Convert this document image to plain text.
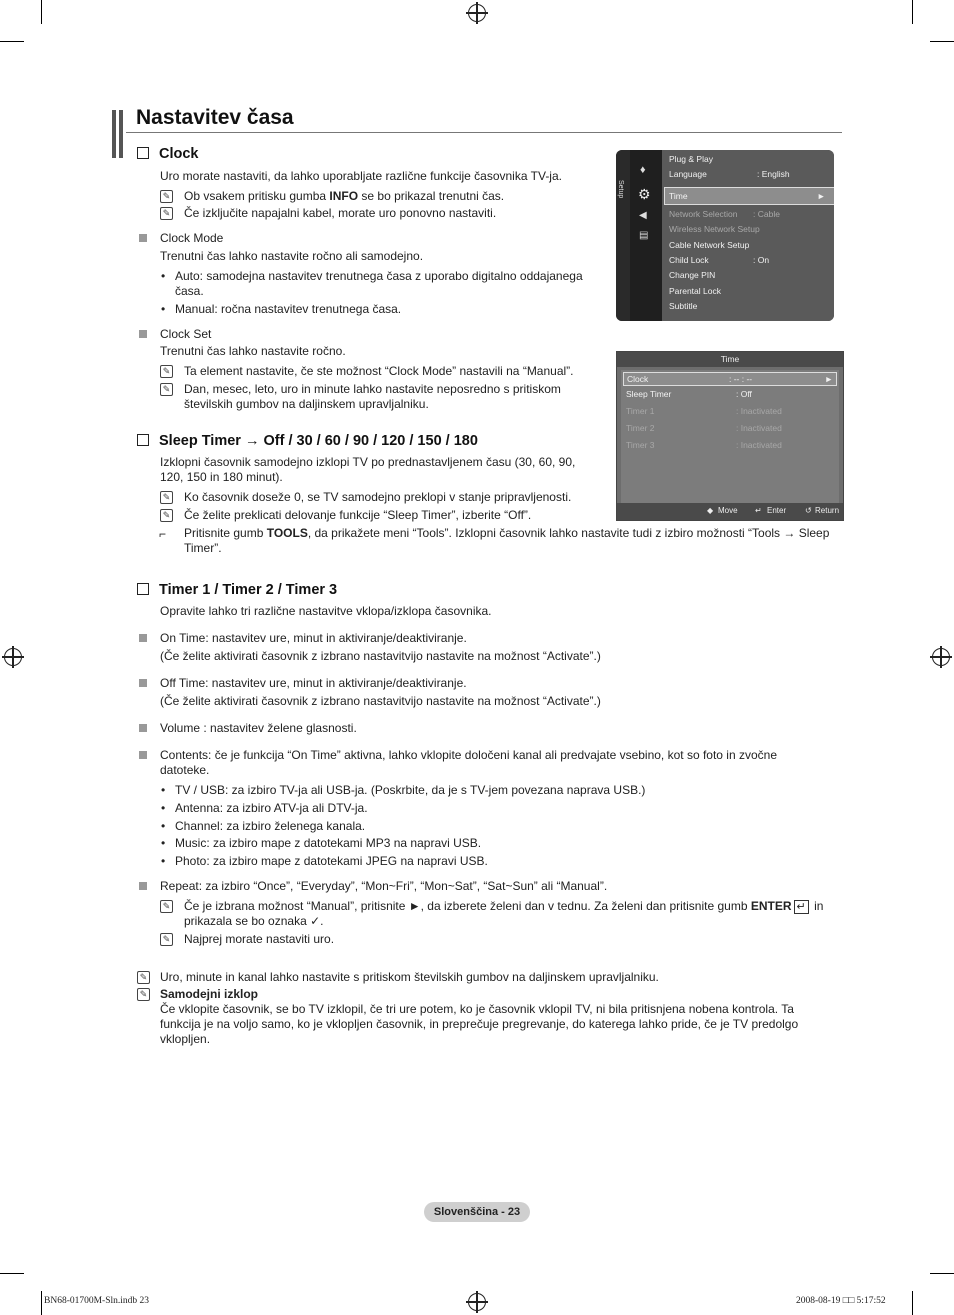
Nastavitev časa
Clock
Uro morate nastaviti, da lahko uporabljate različne funkcije časovnika TV-ja.
✎
Ob vsakem pritisku gumba INFO se bo prikazal trenutni čas.
✎
Če izključite napajalni kabel, morate uro ponovno nastaviti.
Clock Mode
Trenutni čas lahko nastavite ročno ali samodejno.
• Auto: samodejna nastavitev trenutnega časa z uporabo digitalno oddajanega
časa.
• Manual: ročna nastavitev trenutnega časa.
Clock Set
Trenutni čas lahko nastavite ročno.
✎
Ta element nastavite, če ste možnost “Clock Mode” nastavili na “Manual”.
✎
Dan, mesec, leto, uro in minute lahko nastavite neposredno s pritiskom
številskih gumbov na daljinskem upravljalniku.
Sleep Timer → Off / 30 / 60 / 90 / 120 / 150 / 180
Izklopni časovnik samodejno izklopi TV po prednastavljenem času (30, 60, 90,
120, 150 in 180 minut).
✎
Ko časovnik doseže 0, se TV samodejno preklopi v stanje pripravljenosti.
✎
Če želite preklicati delovanje funkcije “Sleep Timer”, izberite “Off”.
⌐ Pritisnite gumb TOOLS, da prikažete meni “Tools”. Izklopni časovnik lahko nastavite tudi z izbiro možnosti “Tools → Sleep
Timer”.
Timer 1 / Timer 2 / Timer 3
Opravite lahko tri različne nastavitve vklopa/izklopa časovnika.
On Time: nastavitev ure, minut in aktiviranje/deaktiviranje.
(Če želite aktivirati časovnik z izbrano nastavitvijo nastavite na možnost “Activate”.)
Off Time: nastavitev ure, minut in aktiviranje/deaktiviranje.
(Če želite aktivirati časovnik z izbrano nastavitvijo nastavite na možnost “Activate”.)
Volume : nastavitev želene glasnosti.
Contents: če je funkcija “On Time” aktivna, lahko vklopite določeni kanal ali predvajate vsebino, kot so foto in zvočne
datoteke.
• TV / USB: za izbiro TV-ja ali USB-ja. (Poskrbite, da je s TV-jem povezana naprava USB.)
• Antenna: za izbiro ATV-ja ali DTV-ja.
• Channel: za izbiro želenega kanala.
• Music: za izbiro mape z datotekami MP3 na napravi USB.
• Photo: za izbiro mape z datotekami JPEG na napravi USB.
Repeat: za izbiro “Once”, “Everyday”, “Mon~Fri”, “Mon~Sat”, “Sat~Sun” ali “Manual”.
✎
Če je izbrana možnost “Manual”, pritisnite ►, da izberete želeni dan v tednu. Za želeni dan pritisnite gumb ENTER ↵ in
prikazala se bo oznaka ✓.
✎
Najprej morate nastaviti uro.
✎
Uro, minute in kanal lahko nastavite s pritiskom številskih gumbov na daljinskem upravljalniku.
✎
Samodejni izklop
Če vklopite časovnik, se bo TV izklopil, če tri ure potem, ko je časovnik vklopil TV, ni bila pritisnjena nobena kontrola. Ta
funkcija je na voljo samo, ko je vklopljen časovnik, in preprečuje pregrevanje, do katerega lahko pride, če je TV predolgo
vklopljen.
Setup
♦
⚙
◀
▤
Plug & Play
Language	: English
Time	►
Network Selection : Cable
Wireless Network Setup
Cable Network Setup
Child Lock	: On
Change PIN
Parental Lock
Subtitle
Time
Clock	: -- : --	►
Sleep Timer	: Off
Timer 1	: Inactivated
Timer 2	: Inactivated
Timer 3	: Inactivated
◆ Move ↵ Enter ↺ Return
Slovenščina - 23
BN68-01700M-Sln.indb 23	2008-08-19 □□ 5:17:52
